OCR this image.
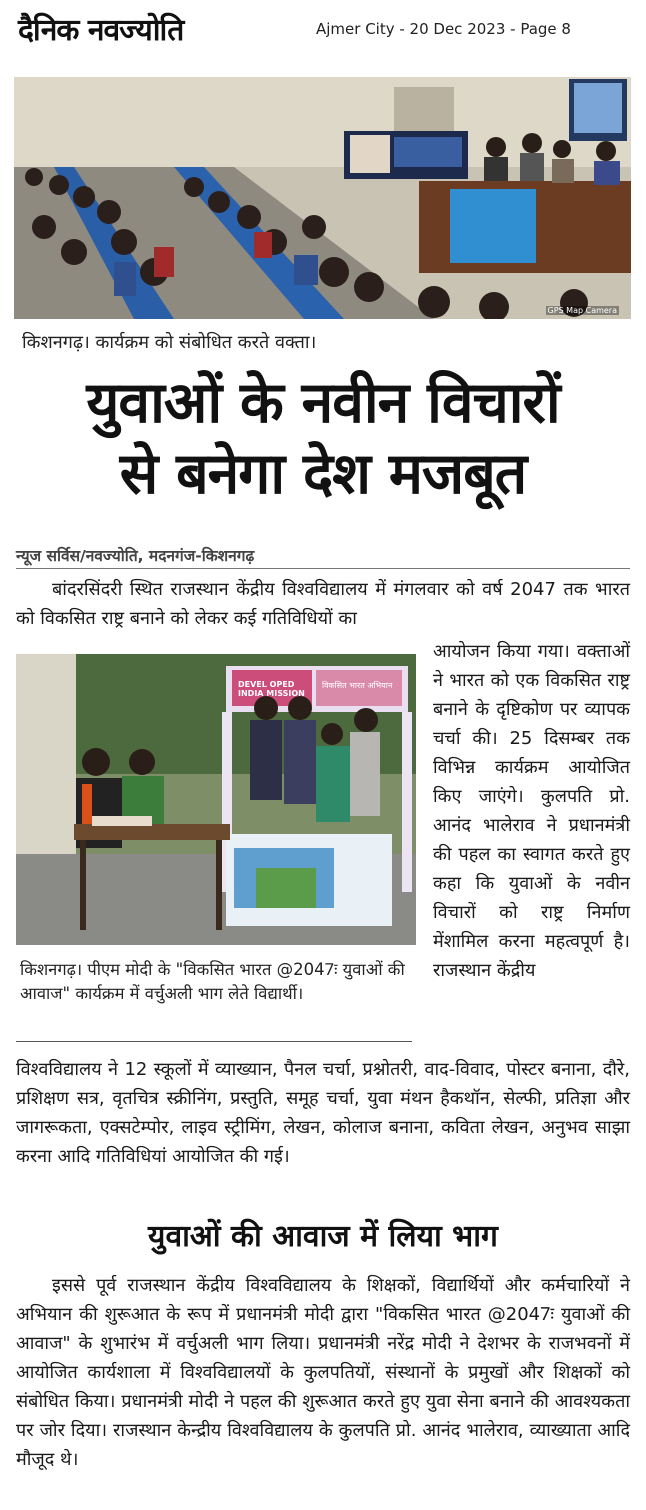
दैनिक नवज्योति	Ajmer City - 20 Dec 2023 - Page 8
GPS Map Camera
किशनगढ़। कार्यक्रम को संबोधित करते वक्ता।
युवाओं के नवीन विचारों
से बनेगा देश मजबूत
न्यूज सर्विस/नवज्योति, मदनगंज-किशनगढ़
बांदरसिंदरी स्थित राजस्थान केंद्रीय विश्वविद्यालय में मंगलवार को वर्ष 2047 तक भारत को विकसित राष्ट्र बनाने को लेकर कई गतिविधियों का
DEVEL OPED INDIA MISSION
विकसित भारत अभियान
किशनगढ़। पीएम मोदी के "विकसित भारत @2047ः युवाओं की आवाज" कार्यक्रम में वर्चुअली भाग लेते विद्यार्थी।
आयोजन किया गया। वक्ताओं ने भारत को एक विकसित राष्ट्र बनाने के दृष्टिकोण पर व्यापक चर्चा की। 25 दिसम्बर तक विभिन्न कार्यक्रम आयोजित किए जाएंगे। कुलपति प्रो. आनंद भालेराव ने प्रधानमंत्री की पहल का स्वागत करते हुए कहा कि युवाओं के नवीन विचारों को राष्ट्र निर्माण मेंशामिल करना महत्वपूर्ण है। राजस्थान केंद्रीय
विश्वविद्यालय ने 12 स्कूलों में व्याख्यान, पैनल चर्चा, प्रश्नोतरी, वाद-विवाद, पोस्टर बनाना, दौरे, प्रशिक्षण सत्र, वृतचित्र स्क्रीनिंग, प्रस्तुति, समूह चर्चा, युवा मंथन हैकथॉन, सेल्फी, प्रतिज्ञा और जागरूकता, एक्सटेम्पोर, लाइव स्ट्रीमिंग, लेखन, कोलाज बनाना, कविता लेखन, अनुभव साझा करना आदि गतिविधियां आयोजित की गई।
युवाओं की आवाज में लिया भाग
इससे पूर्व राजस्थान केंद्रीय विश्वविद्यालय के शिक्षकों, विद्यार्थियों और कर्मचारियों ने अभियान की शुरूआत के रूप में प्रधानमंत्री मोदी द्वारा "विकसित भारत @2047ः युवाओं की आवाज" के शुभारंभ में वर्चुअली भाग लिया। प्रधानमंत्री नरेंद्र मोदी ने देशभर के राजभवनों में आयोजित कार्यशाला में विश्वविद्यालयों के कुलपतियों, संस्थानों के प्रमुखों और शिक्षकों को संबोधित किया। प्रधानमंत्री मोदी ने पहल की शुरूआत करते हुए युवा सेना बनाने की आवश्यकता पर जोर दिया। राजस्थान केन्द्रीय विश्वविद्यालय के कुलपति प्रो. आनंद भालेराव, व्याख्याता आदि मौजूद थे।
